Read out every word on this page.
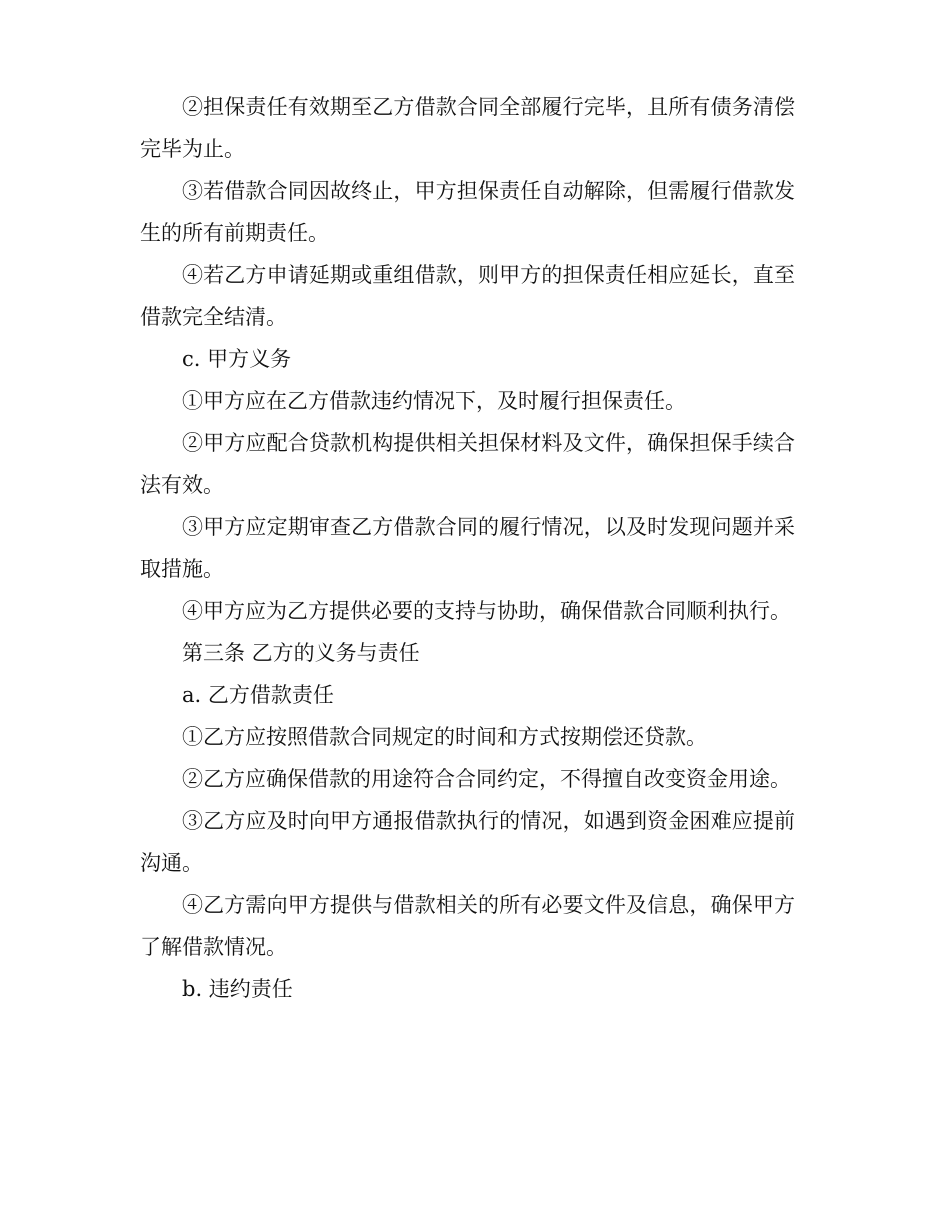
②担保责任有效期至乙方借款合同全部履行完毕，且所有债务清偿完毕为止。

③若借款合同因故终止，甲方担保责任自动解除，但需履行借款发生的所有前期责任。

④若乙方申请延期或重组借款，则甲方的担保责任相应延长，直至借款完全结清。

c. 甲方义务

①甲方应在乙方借款违约情况下，及时履行担保责任。

②甲方应配合贷款机构提供相关担保材料及文件，确保担保手续合法有效。

③甲方应定期审查乙方借款合同的履行情况，以及时发现问题并采取措施。

④甲方应为乙方提供必要的支持与协助，确保借款合同顺利执行。

第三条 乙方的义务与责任

a. 乙方借款责任

①乙方应按照借款合同规定的时间和方式按期偿还贷款。

②乙方应确保借款的用途符合合同约定，不得擅自改变资金用途。

③乙方应及时向甲方通报借款执行的情况，如遇到资金困难应提前沟通。

④乙方需向甲方提供与借款相关的所有必要文件及信息，确保甲方了解借款情况。

b. 违约责任
